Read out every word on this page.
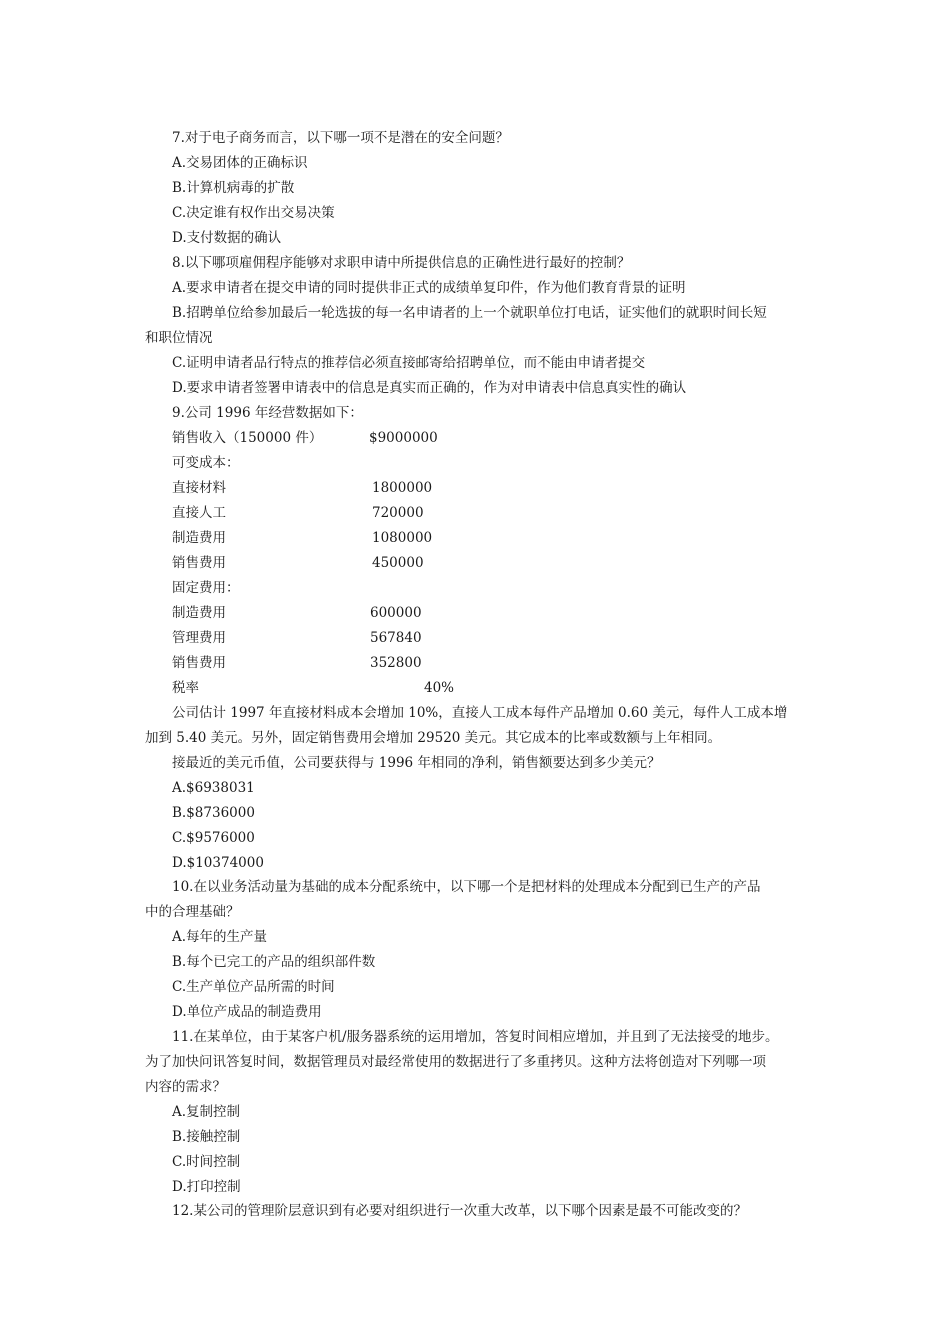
7.对于电子商务而言，以下哪一项不是潜在的安全问题？
A.交易团体的正确标识
B.计算机病毒的扩散
C.决定谁有权作出交易决策
D.支付数据的确认
8.以下哪项雇佣程序能够对求职申请中所提供信息的正确性进行最好的控制？
A.要求申请者在提交申请的同时提供非正式的成绩单复印件，作为他们教育背景的证明
B.招聘单位给参加最后一轮选拔的每一名申请者的上一个就职单位打电话，证实他们的就职时间长短
和职位情况
C.证明申请者品行特点的推荐信必须直接邮寄给招聘单位，而不能由申请者提交
D.要求申请者签署申请表中的信息是真实而正确的，作为对申请表中信息真实性的确认
9.公司 1996 年经营数据如下：
销售收入（150000 件）	$9000000
可变成本：
直接材料	1800000
直接人工	720000
制造费用	1080000
销售费用	450000
固定费用：
制造费用	600000
管理费用	567840
销售费用	352800
税率	40%
公司估计 1997 年直接材料成本会增加 10%，直接人工成本每件产品增加 0.60 美元，每件人工成本增
加到 5.40 美元。另外，固定销售费用会增加 29520 美元。其它成本的比率或数额与上年相同。
接最近的美元币值，公司要获得与 1996 年相同的净利，销售额要达到多少美元？
A.$6938031
B.$8736000
C.$9576000
D.$10374000
10.在以业务活动量为基础的成本分配系统中，以下哪一个是把材料的处理成本分配到已生产的产品
中的合理基础？
A.每年的生产量
B.每个已完工的产品的组织部件数
C.生产单位产品所需的时间
D.单位产成品的制造费用
11.在某单位，由于某客户机/服务器系统的运用增加，答复时间相应增加，并且到了无法接受的地步。
为了加快问讯答复时间，数据管理员对最经常使用的数据进行了多重拷贝。这种方法将创造对下列哪一项
内容的需求？
A.复制控制
B.接触控制
C.时间控制
D.打印控制
12.某公司的管理阶层意识到有必要对组织进行一次重大改革，以下哪个因素是最不可能改变的？
